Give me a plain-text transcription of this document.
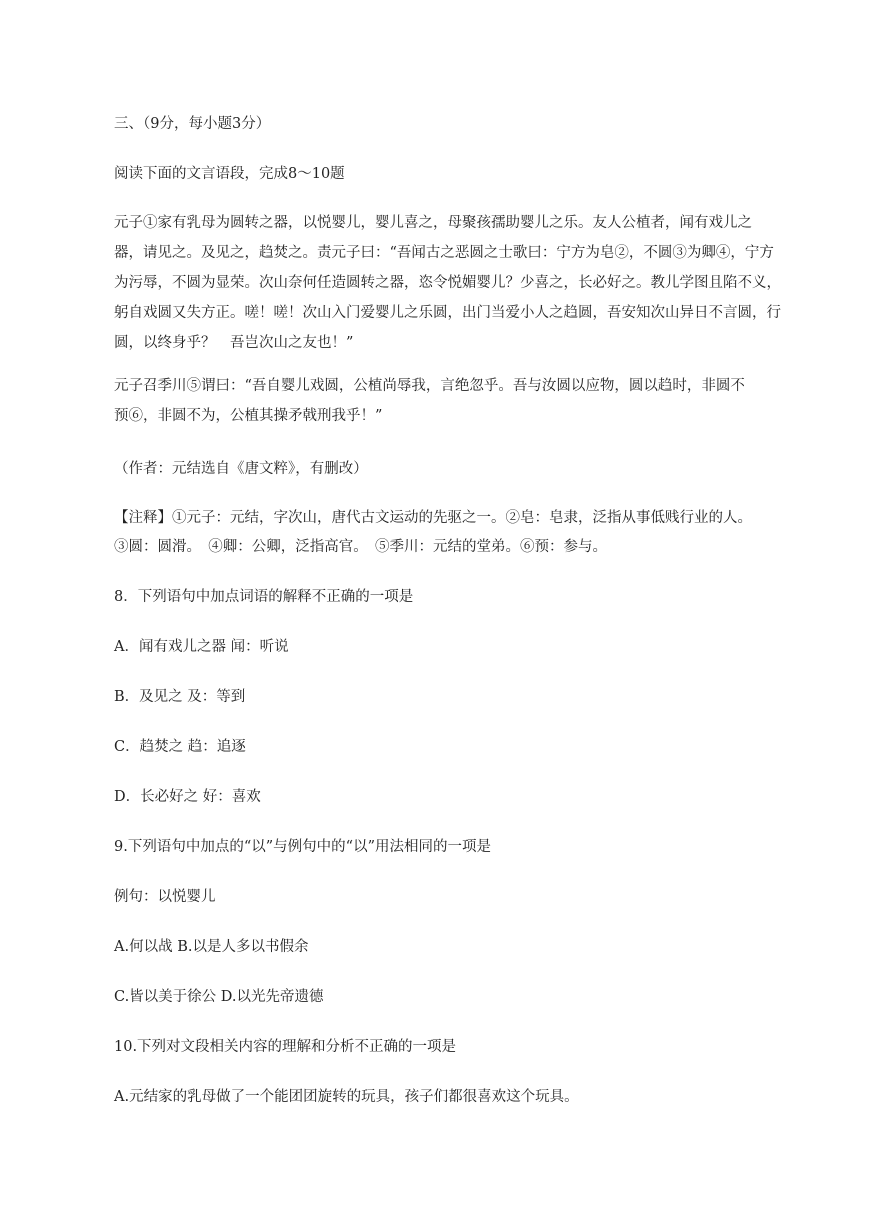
三、（9分，每小题3分）
阅读下面的文言语段，完成8～10题
元子①家有乳母为圆转之器，以悦婴儿，婴儿喜之，母聚孩孺助婴儿之乐。友人公植者，闻有戏儿之
器，请见之。及见之，趋焚之。责元子曰：“吾闻古之恶圆之士歌曰：宁方为皂②，不圆③为卿④，宁方
为污辱，不圆为显荣。次山奈何任造圆转之器，恣令悦媚婴儿？少喜之，长必好之。教儿学图且陷不义，
躬自戏圆又失方正。嗟！嗟！次山入门爱婴儿之乐圆，出门当爱小人之趋圆，吾安知次山异日不言圆，行
圆，以终身乎？　吾岂次山之友也！”
元子召季川⑤谓曰：“吾自婴儿戏圆，公植尚辱我，言绝忽乎。吾与汝圆以应物，圆以趋时，非圆不
预⑥，非圆不为，公植其操矛戟刑我乎！”
（作者：元结选自《唐文粹》，有删改）
【注释】①元子：元结，字次山，唐代古文运动的先驱之一。②皂：皂隶，泛指从事低贱行业的人。
③圆：圆滑。　④卿：公卿，泛指高官。　⑤季川：元结的堂弟。⑥预：参与。
8．下列语句中加点词语的解释不正确的一项是
A．闻有戏儿之器 闻：听说
B．及见之 及：等到
C．趋焚之 趋：追逐
D．长必好之 好：喜欢
9.下列语句中加点的“以”与例句中的“以”用法相同的一项是
例句：以悦婴儿
A.何以战 B.以是人多以书假余
C.皆以美于徐公 D.以光先帝遗德
10.下列对文段相关内容的理解和分析不正确的一项是
A.元结家的乳母做了一个能团团旋转的玩具，孩子们都很喜欢这个玩具。
